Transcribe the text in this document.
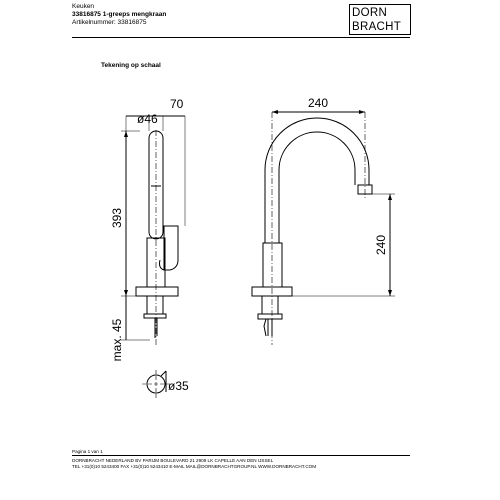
Keuken
33816875 1-greeps mengkraan
Artikelnummer: 33816875
DORN
BRACHT
Tekening op schaal
ø46
70
393
max. 45
ø35
240
240
Pagina 1 van 1
DORNBRACHT NEDERLAND BV PARIJM BOULEVARD 21 2909 LK CAPELLE AAN DEN IJSSEL
TEL +31(0)10 5243400 FAX +31(0)10 5243410 E-MAIL MAIL@DORNBRACHTGROUP.NL WWW.DORNBRACHT.COM
